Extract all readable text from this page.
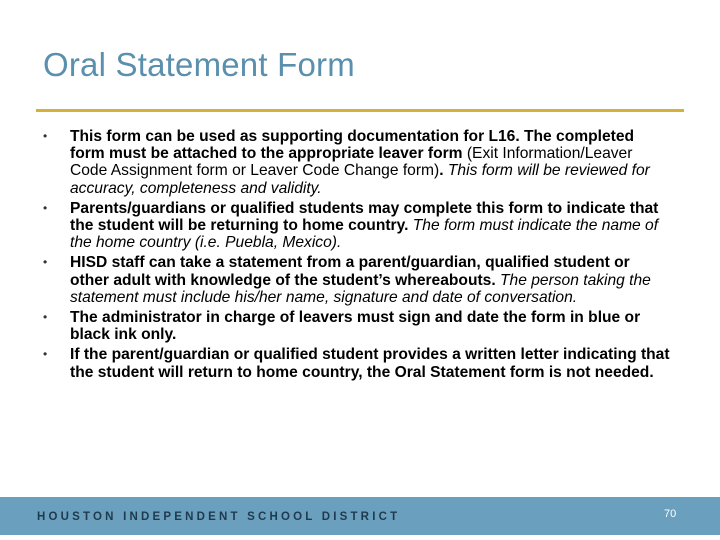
Oral Statement Form
• This form can be used as supporting documentation for L16. The completed form must be attached to the appropriate leaver form (Exit Information/Leaver Code Assignment form or Leaver Code Change form). This form will be reviewed for accuracy, completeness and validity.
• Parents/guardians or qualified students may complete this form to indicate that the student will be returning to home country. The form must indicate the name of the home country (i.e. Puebla, Mexico).
• HISD staff can take a statement from a parent/guardian, qualified student or other adult with knowledge of the student’s whereabouts. The person taking the statement must include his/her name, signature and date of conversation.
• The administrator in charge of leavers must sign and date the form in blue or black ink only.
• If the parent/guardian or qualified student provides a written letter indicating that the student will return to home country, the Oral Statement form is not needed.
HOUSTON INDEPENDENT SCHOOL DISTRICT	70
